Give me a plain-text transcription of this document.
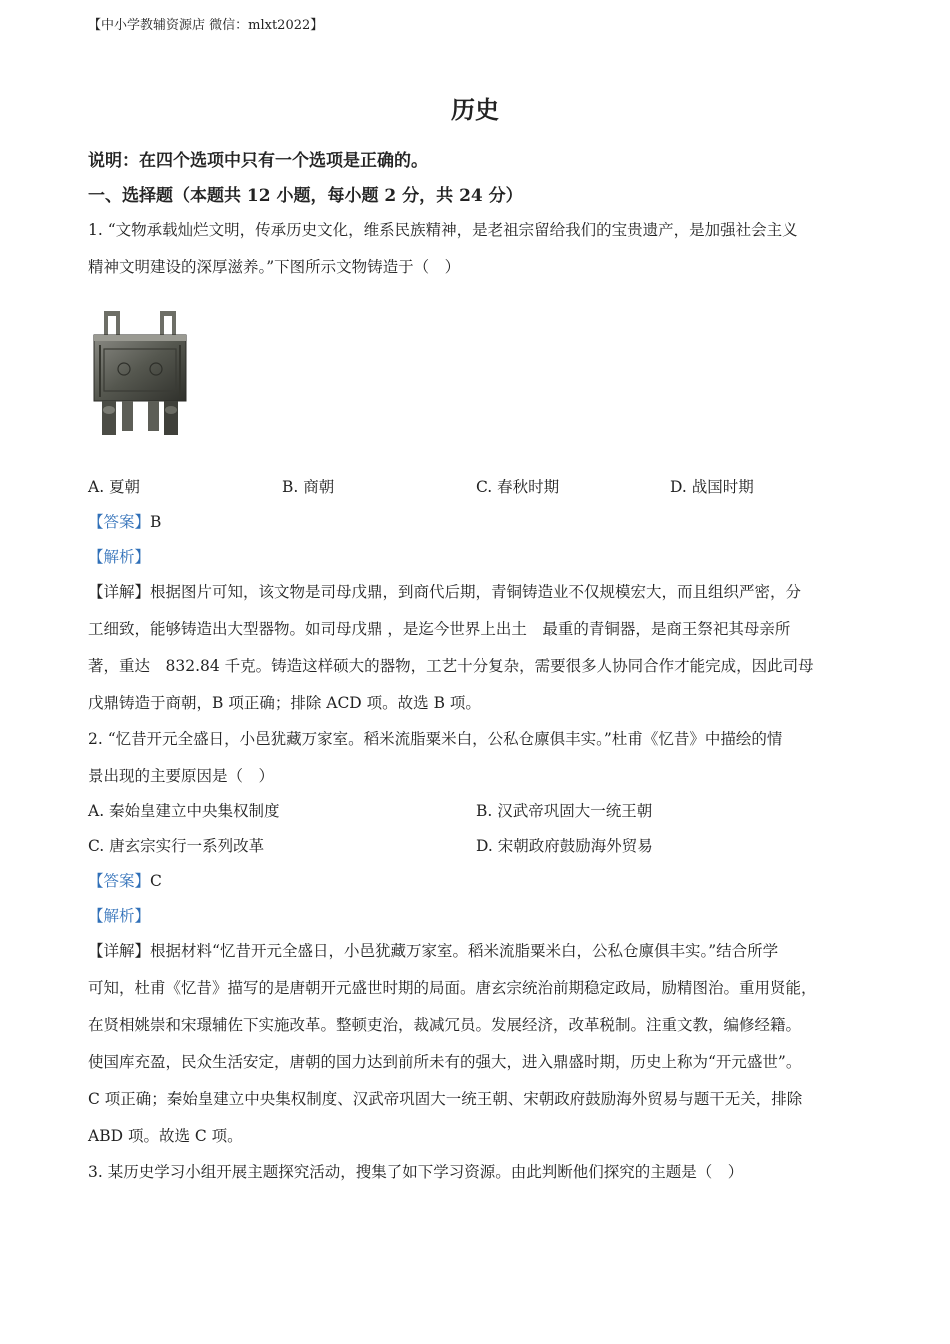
【中小学教辅资源店 微信：mlxt2022】
历史
说明：在四个选项中只有一个选项是正确的。
一、选择题（本题共 12 小题，每小题 2 分，共 24 分）
1. “文物承载灿烂文明，传承历史文化，维系民族精神，是老祖宗留给我们的宝贵遗产，是加强社会主义
精神文明建设的深厚滋养。”下图所示文物铸造于（　）
A. 夏朝	B. 商朝	C. 春秋时期	D. 战国时期
【答案】B
【解析】
【详解】根据图片可知，该文物是司母戊鼎，到商代后期，青铜铸造业不仅规模宏大，而且组织严密，分
工细致，能够铸造出大型器物。如司母戊鼎 ，是迄今世界上出土　最重的青铜器，是商王祭祀其母亲所
著，重达　832.84 千克。铸造这样硕大的器物，工艺十分复杂，需要很多人协同合作才能完成，因此司母
戊鼎铸造于商朝，B 项正确；排除 ACD 项。故选 B 项。
2. “忆昔开元全盛日，小邑犹藏万家室。稻米流脂粟米白，公私仓廪俱丰实。”杜甫《忆昔》中描绘的情
景出现的主要原因是（　）
A. 秦始皇建立中央集权制度	B. 汉武帝巩固大一统王朝
C. 唐玄宗实行一系列改革	D. 宋朝政府鼓励海外贸易
【答案】C
【解析】
【详解】根据材料“忆昔开元全盛日，小邑犹藏万家室。稻米流脂粟米白，公私仓廪俱丰实。”结合所学
可知，杜甫《忆昔》描写的是唐朝开元盛世时期的局面。唐玄宗统治前期稳定政局，励精图治。重用贤能，
在贤相姚崇和宋璟辅佐下实施改革。整顿吏治，裁减冗员。发展经济，改革税制。注重文教，编修经籍。
使国库充盈，民众生活安定，唐朝的国力达到前所未有的强大，进入鼎盛时期，历史上称为“开元盛世”。
C 项正确；秦始皇建立中央集权制度、汉武帝巩固大一统王朝、宋朝政府鼓励海外贸易与题干无关，排除
ABD 项。故选 C 项。
3. 某历史学习小组开展主题探究活动，搜集了如下学习资源。由此判断他们探究的主题是（　）
